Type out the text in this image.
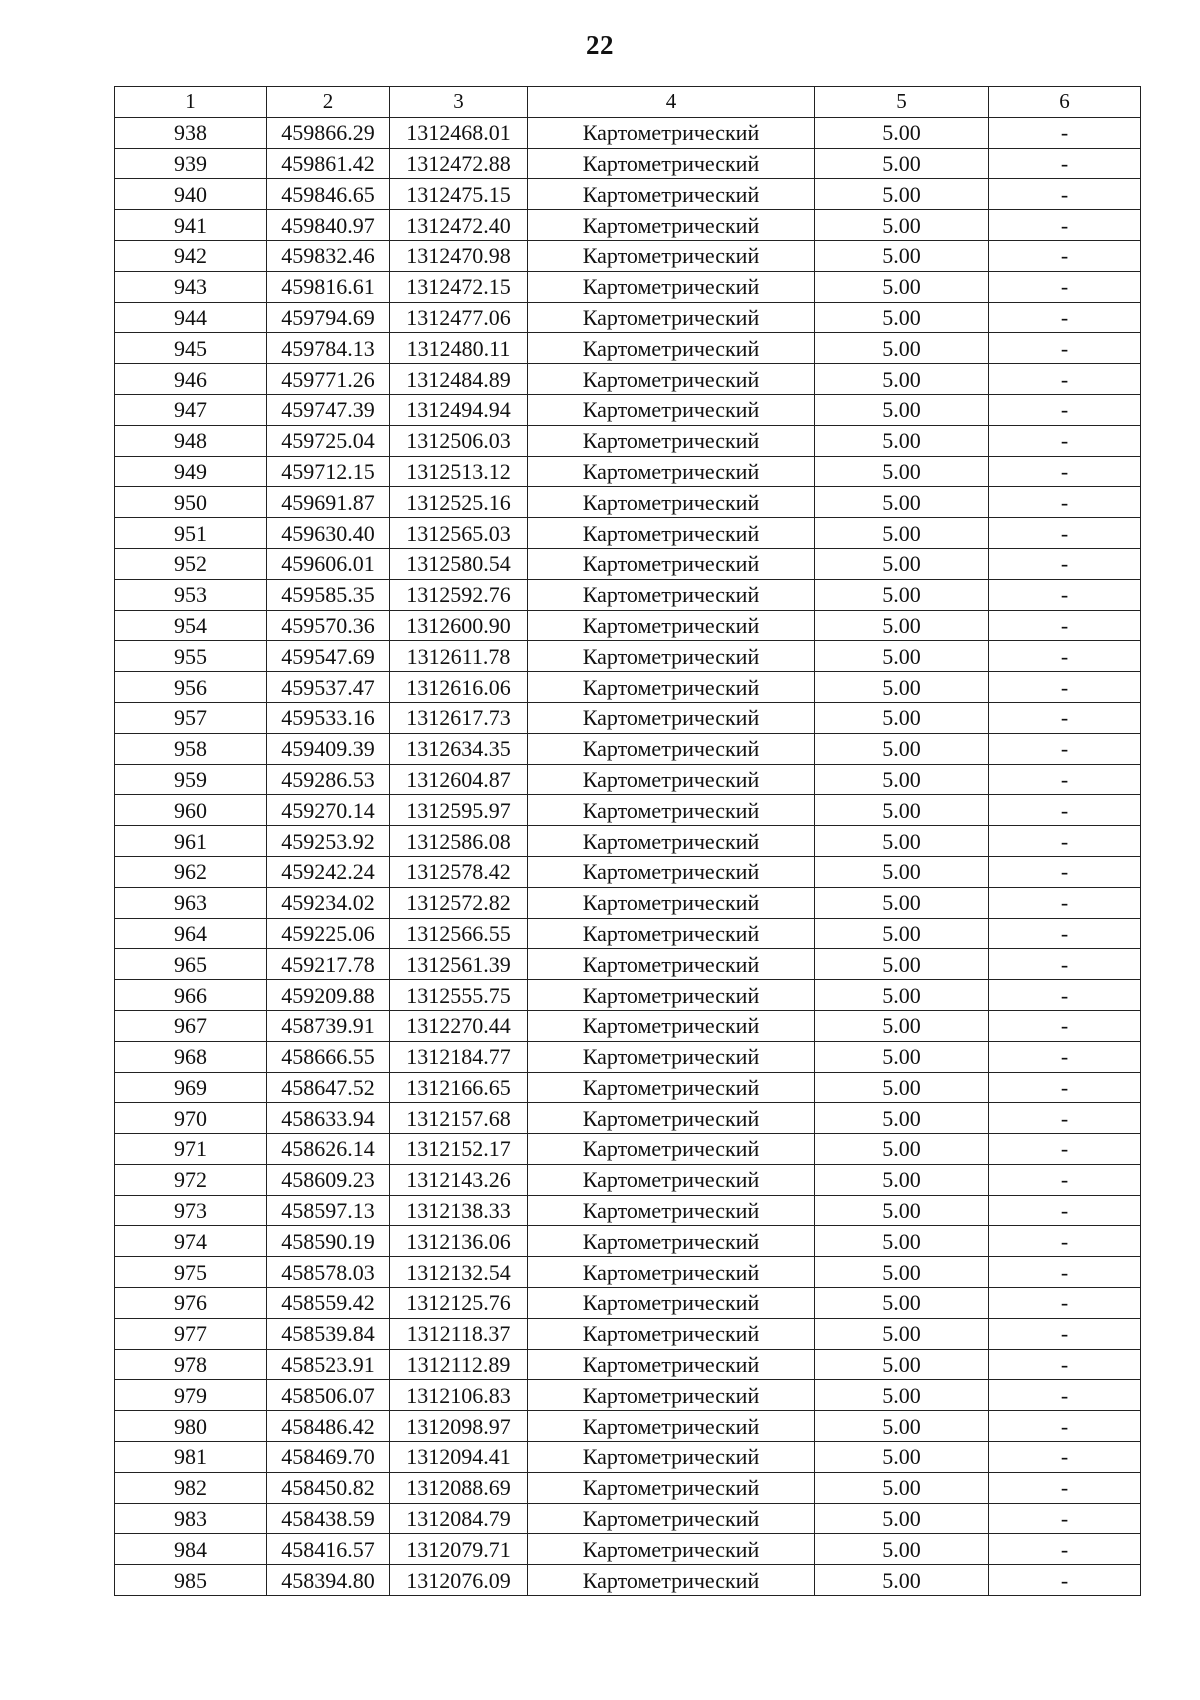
22
1	2	3	4	5	6
938	459866.29	1312468.01	Картометрический	5.00	-
939	459861.42	1312472.88	Картометрический	5.00	-
940	459846.65	1312475.15	Картометрический	5.00	-
941	459840.97	1312472.40	Картометрический	5.00	-
942	459832.46	1312470.98	Картометрический	5.00	-
943	459816.61	1312472.15	Картометрический	5.00	-
944	459794.69	1312477.06	Картометрический	5.00	-
945	459784.13	1312480.11	Картометрический	5.00	-
946	459771.26	1312484.89	Картометрический	5.00	-
947	459747.39	1312494.94	Картометрический	5.00	-
948	459725.04	1312506.03	Картометрический	5.00	-
949	459712.15	1312513.12	Картометрический	5.00	-
950	459691.87	1312525.16	Картометрический	5.00	-
951	459630.40	1312565.03	Картометрический	5.00	-
952	459606.01	1312580.54	Картометрический	5.00	-
953	459585.35	1312592.76	Картометрический	5.00	-
954	459570.36	1312600.90	Картометрический	5.00	-
955	459547.69	1312611.78	Картометрический	5.00	-
956	459537.47	1312616.06	Картометрический	5.00	-
957	459533.16	1312617.73	Картометрический	5.00	-
958	459409.39	1312634.35	Картометрический	5.00	-
959	459286.53	1312604.87	Картометрический	5.00	-
960	459270.14	1312595.97	Картометрический	5.00	-
961	459253.92	1312586.08	Картометрический	5.00	-
962	459242.24	1312578.42	Картометрический	5.00	-
963	459234.02	1312572.82	Картометрический	5.00	-
964	459225.06	1312566.55	Картометрический	5.00	-
965	459217.78	1312561.39	Картометрический	5.00	-
966	459209.88	1312555.75	Картометрический	5.00	-
967	458739.91	1312270.44	Картометрический	5.00	-
968	458666.55	1312184.77	Картометрический	5.00	-
969	458647.52	1312166.65	Картометрический	5.00	-
970	458633.94	1312157.68	Картометрический	5.00	-
971	458626.14	1312152.17	Картометрический	5.00	-
972	458609.23	1312143.26	Картометрический	5.00	-
973	458597.13	1312138.33	Картометрический	5.00	-
974	458590.19	1312136.06	Картометрический	5.00	-
975	458578.03	1312132.54	Картометрический	5.00	-
976	458559.42	1312125.76	Картометрический	5.00	-
977	458539.84	1312118.37	Картометрический	5.00	-
978	458523.91	1312112.89	Картометрический	5.00	-
979	458506.07	1312106.83	Картометрический	5.00	-
980	458486.42	1312098.97	Картометрический	5.00	-
981	458469.70	1312094.41	Картометрический	5.00	-
982	458450.82	1312088.69	Картометрический	5.00	-
983	458438.59	1312084.79	Картометрический	5.00	-
984	458416.57	1312079.71	Картометрический	5.00	-
985	458394.80	1312076.09	Картометрический	5.00	-
